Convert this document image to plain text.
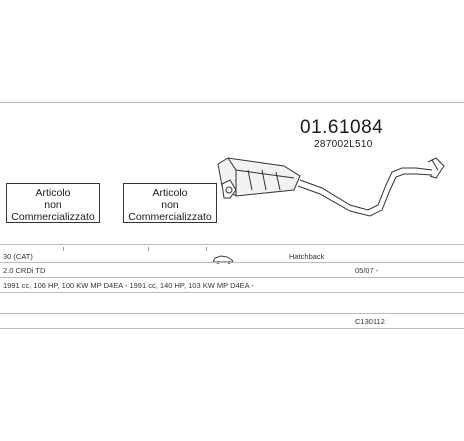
01.61084
287002L510
Articolo
non
Commercializzato
Articolo
non
Commercializzato
30 (CAT)	Hatchback
2.0 CRDi TD	05/07 -
1991 cc, 106 HP, 100 KW MP D4EA - 1991 cc, 140 HP, 103 KW MP D4EA -
C130112
